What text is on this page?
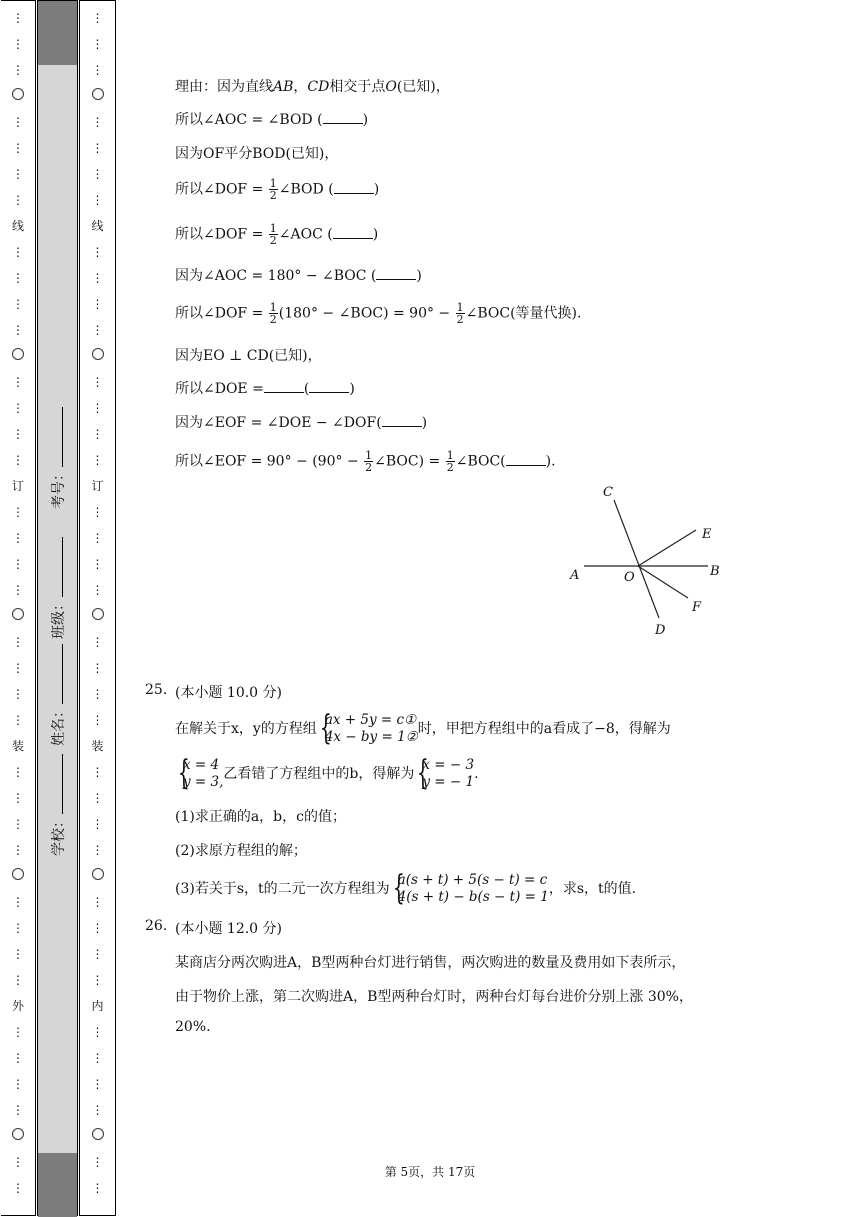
⋮
⋮
⋮
⋮
⋮
⋮
⋮
线
⋮
⋮
⋮
⋮
⋮
⋮
⋮
⋮
订
⋮
⋮
⋮
⋮
⋮
⋮
⋮
⋮
装
⋮
⋮
⋮
⋮
⋮
⋮
⋮
⋮
外
⋮
⋮
⋮
⋮
⋮
⋮
学校：
姓名：
班级：
考号：
⋮
⋮
⋮
⋮
⋮
⋮
⋮
线
⋮
⋮
⋮
⋮
⋮
⋮
⋮
⋮
订
⋮
⋮
⋮
⋮
⋮
⋮
⋮
⋮
装
⋮
⋮
⋮
⋮
⋮
⋮
⋮
⋮
内
⋮
⋮
⋮
⋮
⋮
⋮
理由：因为直线AB，CD相交于点O(已知)，
所以∠AOC = ∠BOD (	)
因为OF平分BOD(已知)，
所以∠DOF = $\frac{1}{2}$ ∠BOD (	)
所以∠DOF = $\frac{1}{2}$ ∠AOC (	)
因为∠AOC = 180° − ∠BOC (	)
所以∠DOF = $\frac{1}{2} (180^\circ$ − ∠BOC) = $90^\circ - \frac{1}{2}$ ∠BOC(等量代换).
因为EO ⊥ CD(已知)，
所以∠DOE =	(	)
因为∠EOF = ∠DOE − ∠DOF(	)
所以∠EOF = $90^\circ - (90^\circ - \frac{1}{2}$ ∠BOC) = $\frac{1}{2}$ ∠BOC(	).
C
E
A	O	B
F
D
25. (本小题 10.0 分)
在解关于x，y的方程组
{ ax + 5y = c①
4x − by = 1② 时，甲把方程组中的a看成了−8，得解为
{ x = 4
y = 3, 乙看错了方程组中的b，得解为
{ x = − 3
y = − 1 .
(1)求正确的a，b，c的值；
(2)求原方程组的解；
(3)若关于s，t的二元一次方程组为
{ a(s + t) + 5(s − t) = c
4(s + t) − b(s − t) = 1 ，求s，t的值.
26. (本小题 12.0 分)
某商店分两次购进A，B型两种台灯进行销售，两次购进的数量及费用如下表所示，
由于物价上涨，第二次购进A，B型两种台灯时，两种台灯每台进价分别上涨 30%，
20%.
第 5页，共 17页
